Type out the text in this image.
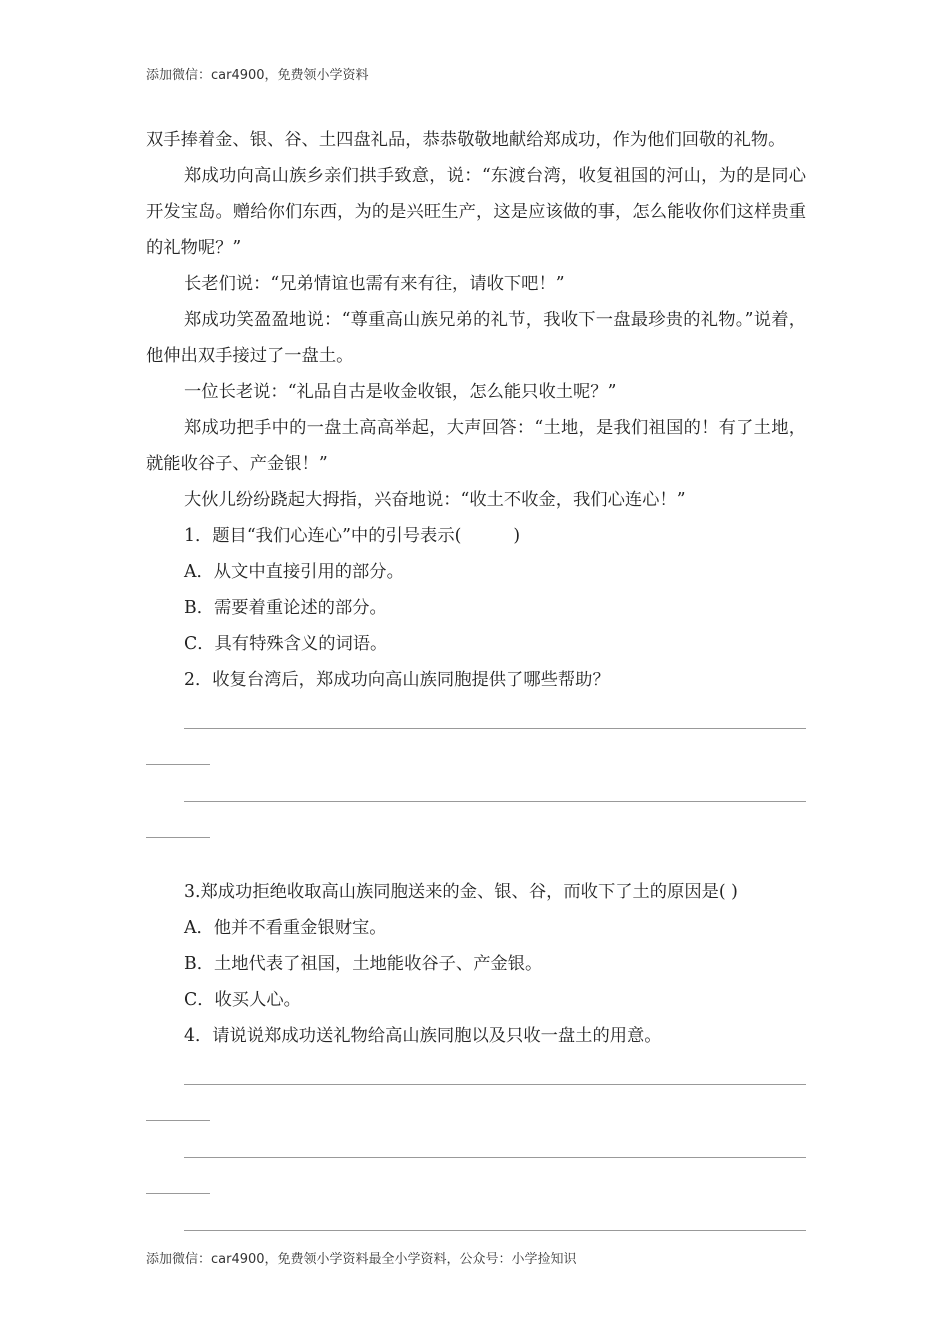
添加微信：car4900，免费领小学资料

双手捧着金、银、谷、土四盘礼品，恭恭敬敬地献给郑成功，作为他们回敬的礼物。

郑成功向高山族乡亲们拱手致意，说：“东渡台湾，收复祖国的河山，为的是同心开发宝岛。赠给你们东西，为的是兴旺生产，这是应该做的事，怎么能收你们这样贵重的礼物呢？”

长老们说：“兄弟情谊也需有来有往，请收下吧！”

郑成功笑盈盈地说：“尊重高山族兄弟的礼节，我收下一盘最珍贵的礼物。”说着，他伸出双手接过了一盘土。

一位长老说：“礼品自古是收金收银，怎么能只收土呢？”

郑成功把手中的一盘土高高举起，大声回答：“土地，是我们祖国的！有了土地，就能收谷子、产金银！”

大伙儿纷纷跷起大拇指，兴奋地说：“收土不收金，我们心连心！”

1．题目“我们心连心”中的引号表示(	)

A．从文中直接引用的部分。

B．需要着重论述的部分。

C．具有特殊含义的词语。

2．收复台湾后，郑成功向高山族同胞提供了哪些帮助？

3.郑成功拒绝收取高山族同胞送来的金、银、谷，而收下了土的原因是( )

A．他并不看重金银财宝。

B．土地代表了祖国，土地能收谷子、产金银。

C．收买人心。

4．请说说郑成功送礼物给高山族同胞以及只收一盘土的用意。

添加微信：car4900，免费领小学资料最全小学资料，公众号：小学捡知识
